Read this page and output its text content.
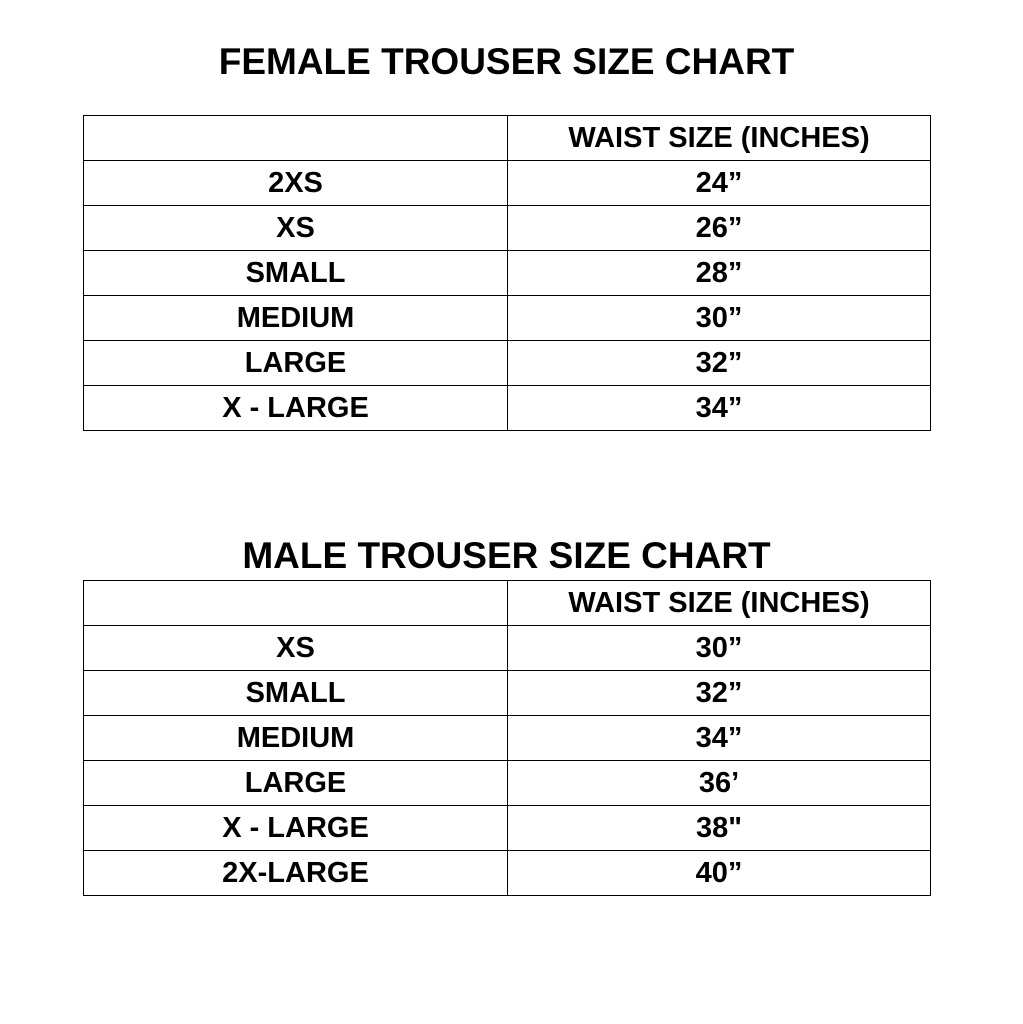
FEMALE TROUSER SIZE CHART
	WAIST SIZE (INCHES)
2XS	24”
XS	26”
SMALL	28”
MEDIUM	30”
LARGE	32”
X - LARGE	34”
MALE TROUSER SIZE CHART
	WAIST SIZE (INCHES)
XS	30”
SMALL	32”
MEDIUM	34”
LARGE	36’
X - LARGE	38"
2X-LARGE	40”
